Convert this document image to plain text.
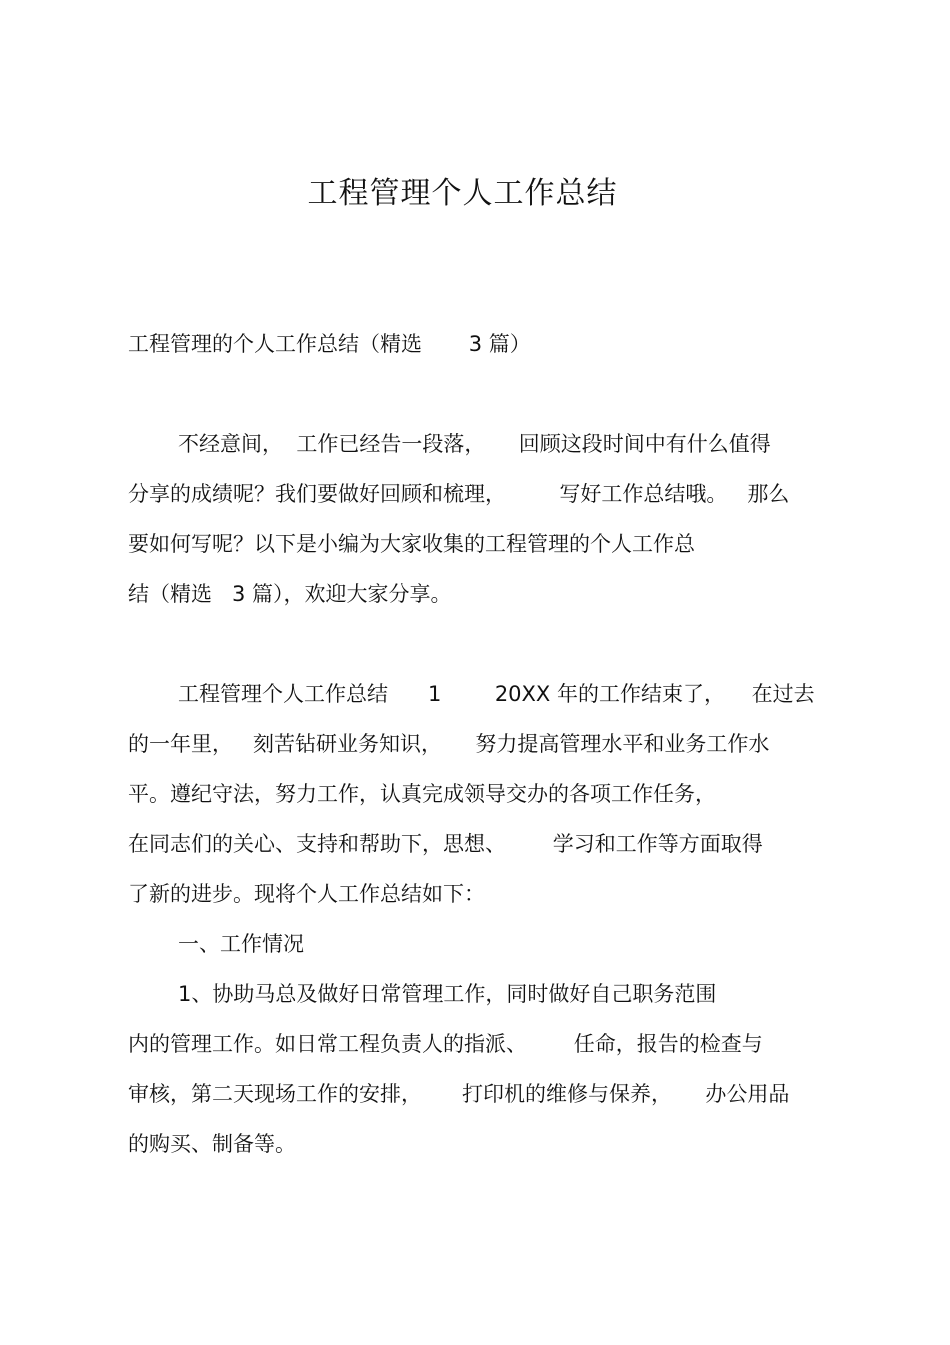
工程管理个人工作总结
工程管理的个人工作总结（精选       3 篇）
不经意间，  工作已经告一段落，     回顾这段时间中有什么值得
分享的成绩呢？我们要做好回顾和梳理，        写好工作总结哦。   那么
要如何写呢？以下是小编为大家收集的工程管理的个人工作总
结（精选   3 篇），欢迎大家分享。
工程管理个人工作总结      1        20XX 年的工作结束了，    在过去
的一年里，   刻苦钻研业务知识，     努力提高管理水平和业务工作水
平。遵纪守法，努力工作，认真完成领导交办的各项工作任务，
在同志们的关心、支持和帮助下，思想、       学习和工作等方面取得
了新的进步。现将个人工作总结如下：
一、工作情况
1、协助马总及做好日常管理工作，同时做好自己职务范围
内的管理工作。如日常工程负责人的指派、       任命，报告的检查与
审核，第二天现场工作的安排，      打印机的维修与保养，     办公用品
的购买、制备等。
